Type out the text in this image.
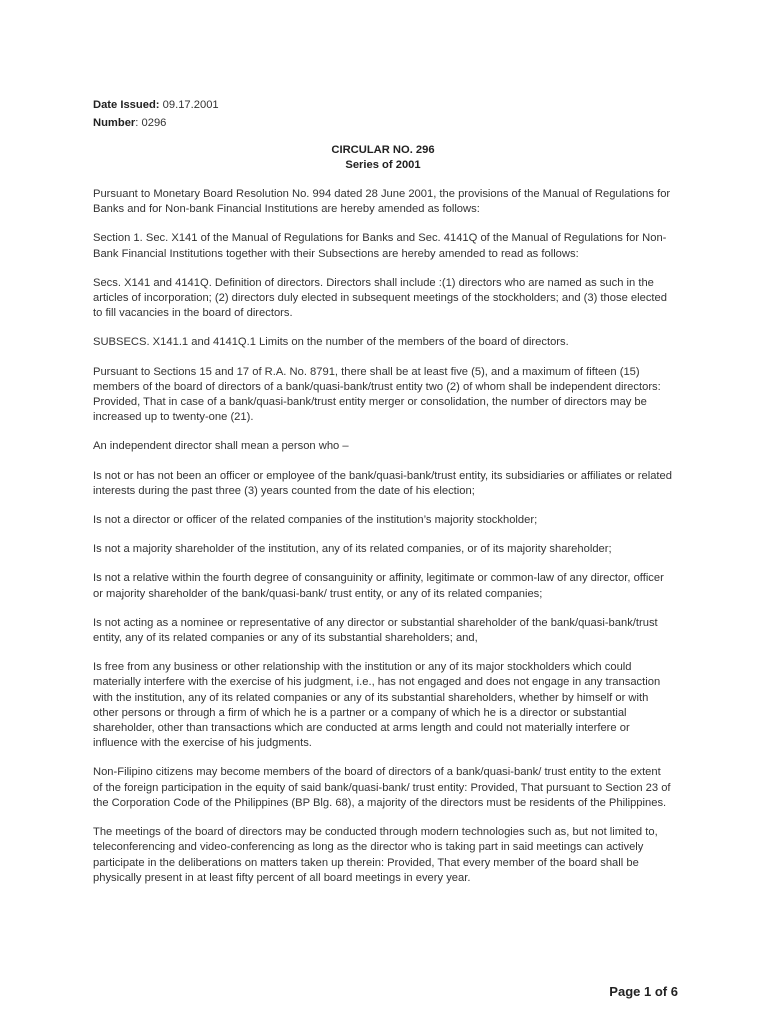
Date Issued: 09.17.2001

Number: 0296

CIRCULAR NO. 296
Series of 2001

Pursuant to Monetary Board Resolution No. 994 dated 28 June 2001, the provisions of the Manual of Regulations for Banks and for Non-bank Financial Institutions are hereby amended as follows:

Section 1. Sec. X141 of the Manual of Regulations for Banks and Sec. 4141Q of the Manual of Regulations for Non-Bank Financial Institutions together with their Subsections are hereby amended to read as follows:

Secs. X141 and 4141Q. Definition of directors. Directors shall include :(1) directors who are named as such in the articles of incorporation; (2) directors duly elected in subsequent meetings of the stockholders; and (3) those elected to fill vacancies in the board of directors.

SUBSECS. X141.1 and 4141Q.1 Limits on the number of the members of the board of directors.

Pursuant to Sections 15 and 17 of R.A. No. 8791, there shall be at least five (5), and a maximum of fifteen (15) members of the board of directors of a bank/quasi-bank/trust entity two (2) of whom shall be independent directors: Provided, That in case of a bank/quasi-bank/trust entity merger or consolidation, the number of directors may be increased up to twenty-one (21).

An independent director shall mean a person who –

Is not or has not been an officer or employee of the bank/quasi-bank/trust entity, its subsidiaries or affiliates or related interests during the past three (3) years counted from the date of his election;

Is not a director or officer of the related companies of the institution’s majority stockholder;

Is not a majority shareholder of the institution, any of its related companies, or of its majority shareholder;

Is not a relative within the fourth degree of consanguinity or affinity, legitimate or common-law of any director, officer or majority shareholder of the bank/quasi-bank/ trust entity, or any of its related companies;

Is not acting as a nominee or representative of any director or substantial shareholder of the bank/quasi-bank/trust entity, any of its related companies or any of its substantial shareholders; and,

Is free from any business or other relationship with the institution or any of its major stockholders which could materially interfere with the exercise of his judgment, i.e., has not engaged and does not engage in any transaction with the institution, any of its related companies or any of its substantial shareholders, whether by himself or with other persons or through a firm of which he is a partner or a company of which he is a director or substantial shareholder, other than transactions which are conducted at arms length and could not materially interfere or influence with the exercise of his judgments.

Non-Filipino citizens may become members of the board of directors of a bank/quasi-bank/ trust entity to the extent of the foreign participation in the equity of said bank/quasi-bank/ trust entity: Provided, That pursuant to Section 23 of the Corporation Code of the Philippines (BP Blg. 68), a majority of the directors must be residents of the Philippines.

The meetings of the board of directors may be conducted through modern technologies such as, but not limited to, teleconferencing and video-conferencing as long as the director who is taking part in said meetings can actively participate in the deliberations on matters taken up therein: Provided, That every member of the board shall be physically present in at least fifty percent of all board meetings in every year.

Page 1 of 6
